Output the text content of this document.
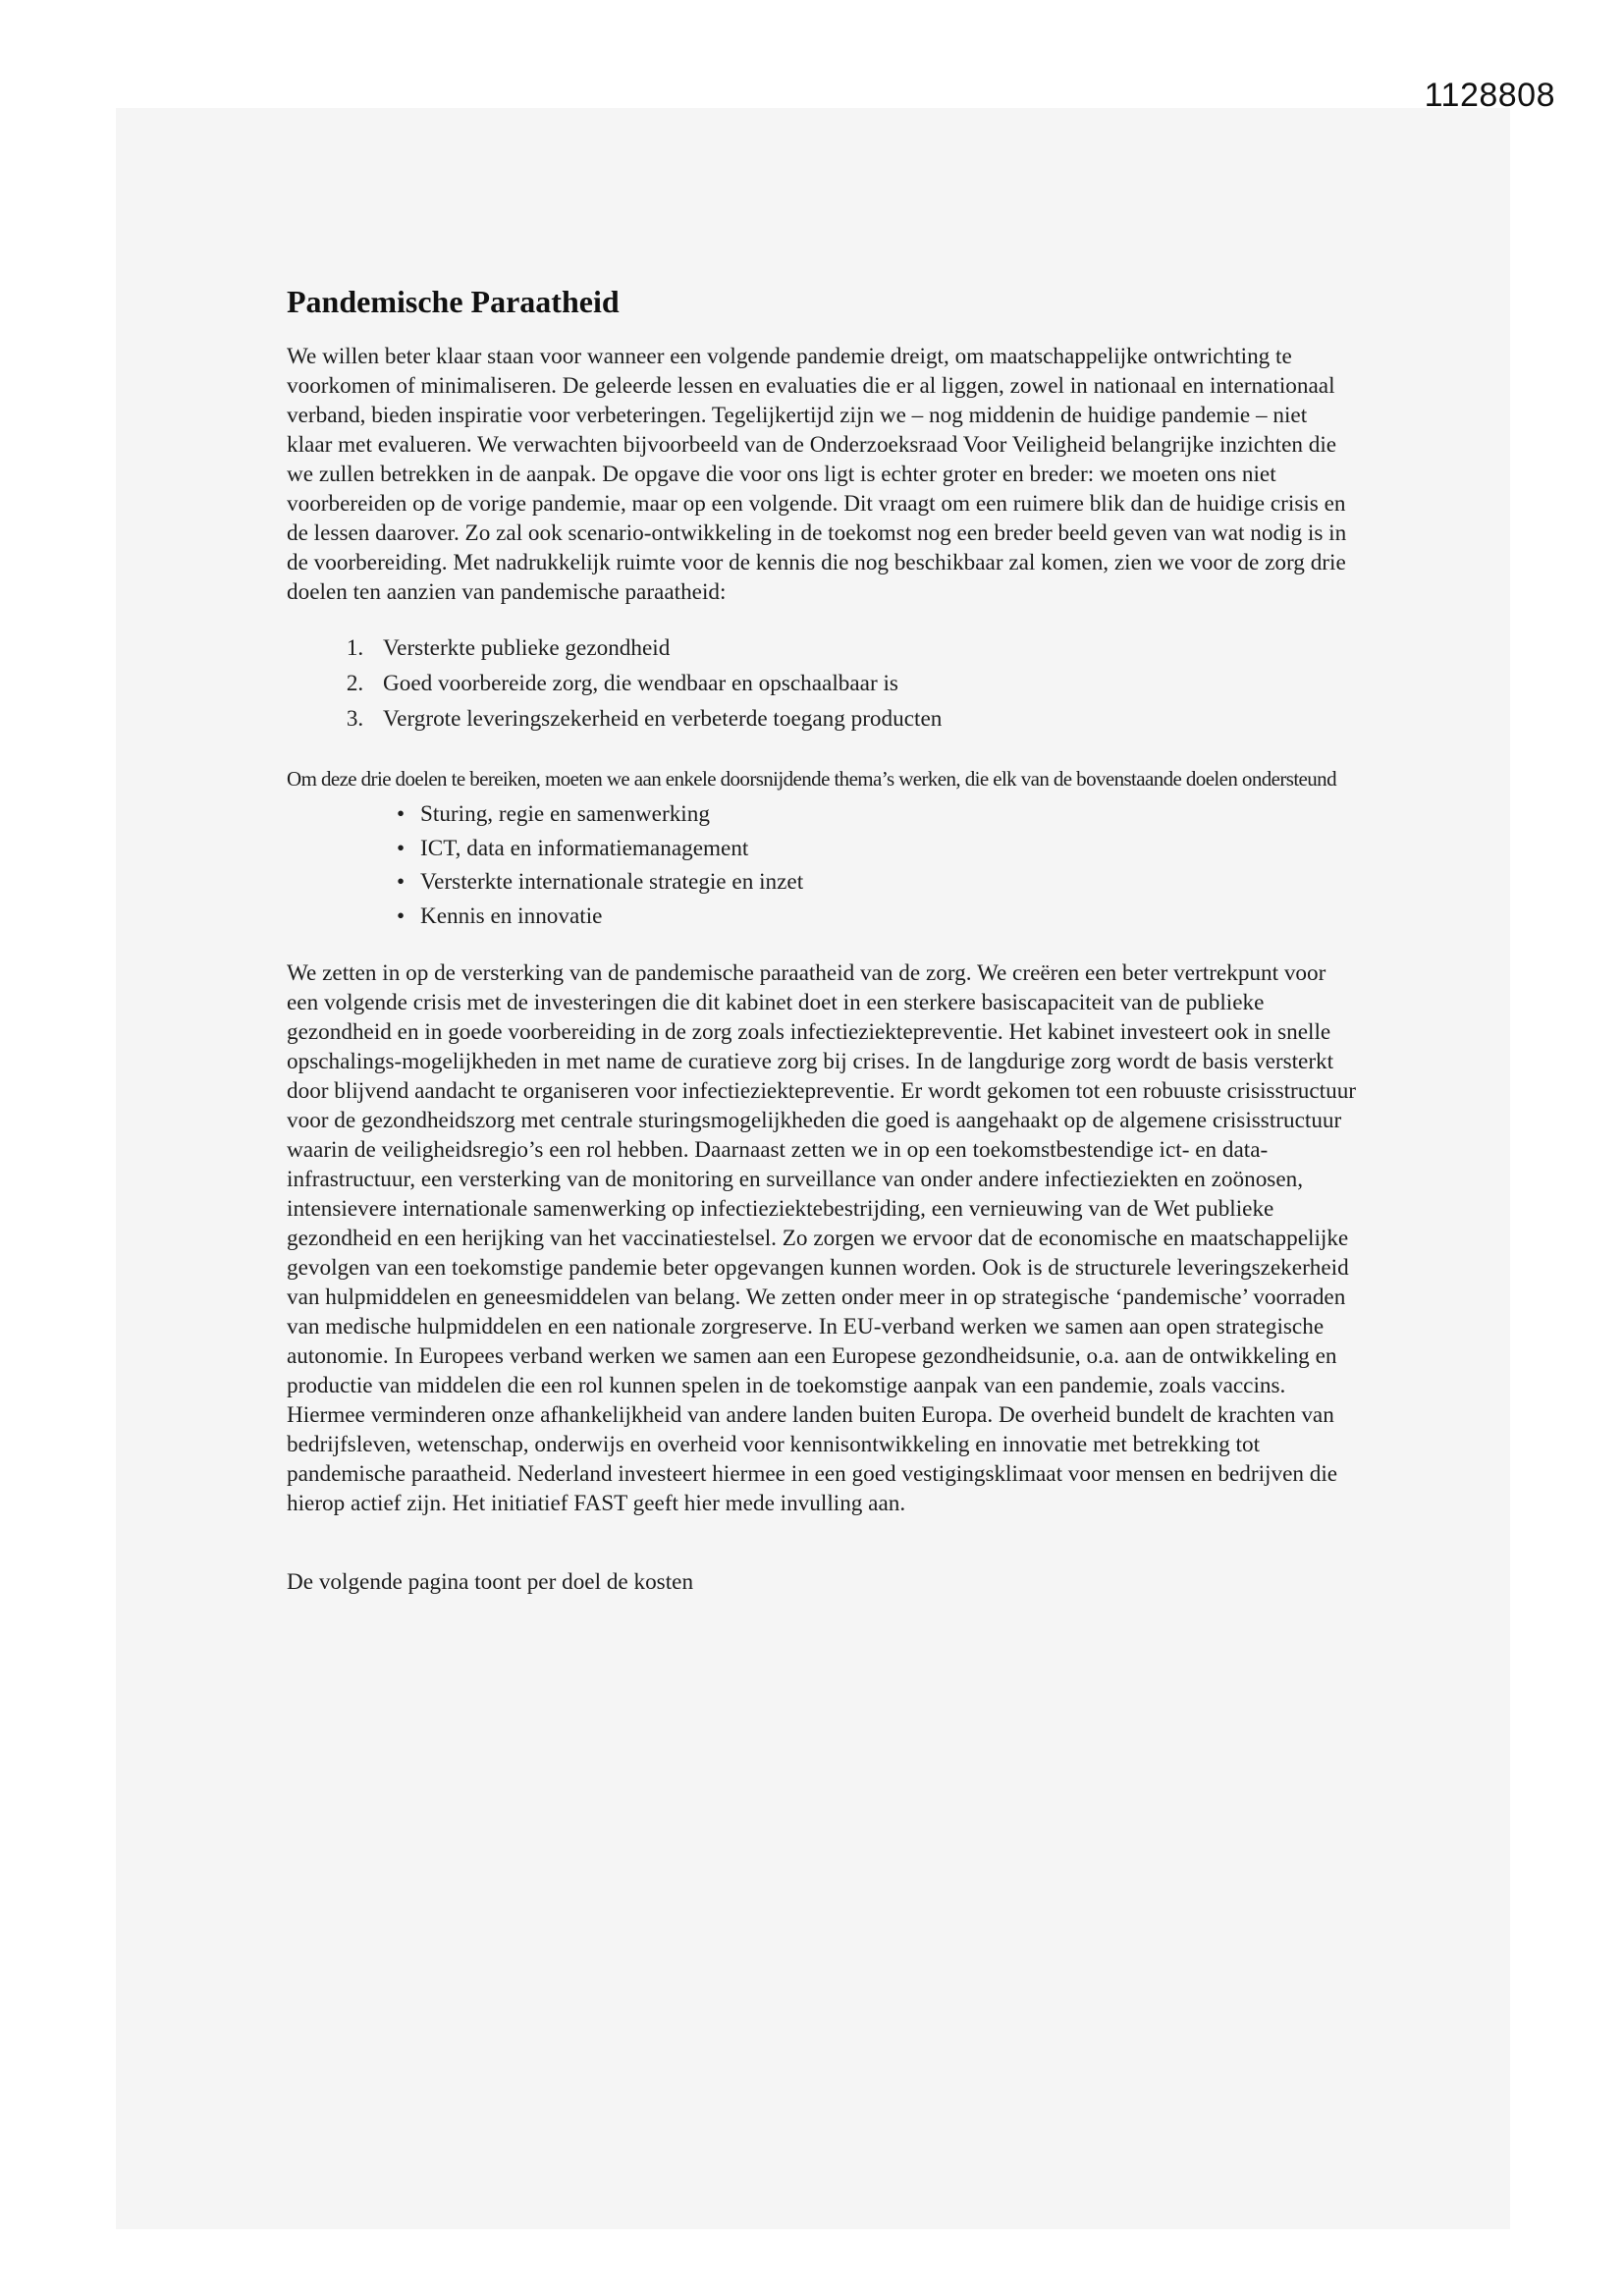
1128808
Pandemische Paraatheid

We willen beter klaar staan voor wanneer een volgende pandemie dreigt, om maatschappelijke ontwrichting te voorkomen of minimaliseren. De geleerde lessen en evaluaties die er al liggen, zowel in nationaal en internationaal verband, bieden inspiratie voor verbeteringen. Tegelijkertijd zijn we – nog middenin de huidige pandemie – niet klaar met evalueren. We verwachten bijvoorbeeld van de Onderzoeksraad Voor Veiligheid belangrijke inzichten die we zullen betrekken in de aanpak. De opgave die voor ons ligt is echter groter en breder: we moeten ons niet voorbereiden op de vorige pandemie, maar op een volgende. Dit vraagt om een ruimere blik dan de huidige crisis en de lessen daarover. Zo zal ook scenario-ontwikkeling in de toekomst nog een breder beeld geven van wat nodig is in de voorbereiding. Met nadrukkelijk ruimte voor de kennis die nog beschikbaar zal komen, zien we voor de zorg drie doelen ten aanzien van pandemische paraatheid:

1. Versterkte publieke gezondheid
2. Goed voorbereide zorg, die wendbaar en opschaalbaar is
3. Vergrote leveringszekerheid en verbeterde toegang producten

Om deze drie doelen te bereiken, moeten we aan enkele doorsnijdende thema’s werken, die elk van de bovenstaande doelen ondersteund

• Sturing, regie en samenwerking
• ICT, data en informatiemanagement
• Versterkte internationale strategie en inzet
• Kennis en innovatie

We zetten in op de versterking van de pandemische paraatheid van de zorg. We creëren een beter vertrekpunt voor een volgende crisis met de investeringen die dit kabinet doet in een sterkere basiscapaciteit van de publieke gezondheid en in goede voorbereiding in de zorg zoals infectieziektepreventie. Het kabinet investeert ook in snelle opschalings-mogelijkheden in met name de curatieve zorg bij crises. In de langdurige zorg wordt de basis versterkt door blijvend aandacht te organiseren voor infectieziektepreventie. Er wordt gekomen tot een robuuste crisisstructuur voor de gezondheidszorg met centrale sturingsmogelijkheden die goed is aangehaakt op de algemene crisisstructuur waarin de veiligheidsregio’s een rol hebben. Daarnaast zetten we in op een toekomstbestendige ict- en data-infrastructuur, een versterking van de monitoring en surveillance van onder andere infectieziekten en zoönosen, intensievere internationale samenwerking op infectieziektebestrijding, een vernieuwing van de Wet publieke gezondheid en een herijking van het vaccinatiestelsel. Zo zorgen we ervoor dat de economische en maatschappelijke gevolgen van een toekomstige pandemie beter opgevangen kunnen worden. Ook is de structurele leveringszekerheid van hulpmiddelen en geneesmiddelen van belang. We zetten onder meer in op strategische ‘pandemische’ voorraden van medische hulpmiddelen en een nationale zorgreserve. In EU-verband werken we samen aan open strategische autonomie. In Europees verband werken we samen aan een Europese gezondheidsunie, o.a. aan de ontwikkeling en productie van middelen die een rol kunnen spelen in de toekomstige aanpak van een pandemie, zoals vaccins. Hiermee verminderen onze afhankelijkheid van andere landen buiten Europa. De overheid bundelt de krachten van bedrijfsleven, wetenschap, onderwijs en overheid voor kennisontwikkeling en innovatie met betrekking tot pandemische paraatheid. Nederland investeert hiermee in een goed vestigingsklimaat voor mensen en bedrijven die hierop actief zijn. Het initiatief FAST geeft hier mede invulling aan.

De volgende pagina toont per doel de kosten
